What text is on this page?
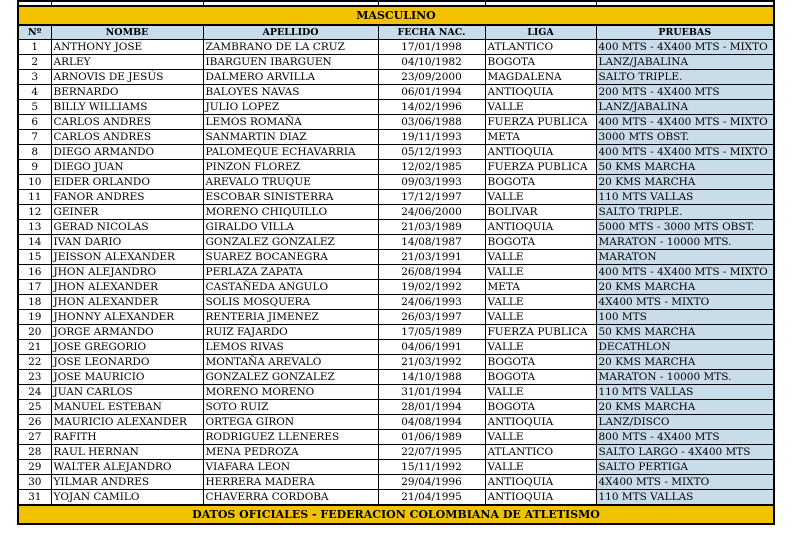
MASCULINO					
Nº	NOMBE	APELLIDO	FECHA NAC.	LIGA	PRUEBAS
1	ANTHONY JOSE	ZAMBRANO DE LA CRUZ	17/01/1998	ATLANTICO	400 MTS - 4X400 MTS - MIXTO
2	ARLEY	IBARGUEN IBARGUEN	04/10/1982	BOGOTA	LANZ/JABALINA
3	ARNOVIS DE JESÚS	DALMERO ARVILLA	23/09/2000	MAGDALENA	SALTO TRIPLE.
4	BERNARDO	BALOYES NAVAS	06/01/1994	ANTIOQUIA	200 MTS - 4X400 MTS
5	BILLY WILLIAMS	JULIO LOPEZ	14/02/1996	VALLE	LANZ/JABALINA
6	CARLOS ANDRES	LEMOS ROMAÑA	03/06/1988	FUERZA PUBLICA	400 MTS - 4X400 MTS - MIXTO
7	CARLOS ANDRES	SANMARTIN DIAZ	19/11/1993	META	3000 MTS OBST.
8	DIEGO ARMANDO	PALOMEQUE ECHAVARRIA	05/12/1993	ANTIOQUIA	400 MTS - 4X400 MTS - MIXTO
9	DIEGO JUAN	PINZON FLOREZ	12/02/1985	FUERZA PUBLICA	50 KMS MARCHA
10	EIDER ORLANDO	AREVALO TRUQUE	09/03/1993	BOGOTA	20 KMS MARCHA
11	FANOR ANDRES	ESCOBAR SINISTERRA	17/12/1997	VALLE	110 MTS VALLAS
12	GEINER	MORENO CHIQUILLO	24/06/2000	BOLIVAR	SALTO TRIPLE.
13	GERAD NICOLAS	GIRALDO VILLA	21/03/1989	ANTIOQUIA	5000 MTS - 3000 MTS OBST.
14	IVAN DARIO	GONZALEZ GONZALEZ	14/08/1987	BOGOTA	MARATON - 10000 MTS.
15	JEISSON ALEXANDER	SUAREZ BOCANEGRA	21/03/1991	VALLE	MARATON
16	JHON ALEJANDRO	PERLAZA ZAPATA	26/08/1994	VALLE	400 MTS - 4X400 MTS - MIXTO
17	JHON ALEXANDER	CASTAÑEDA ANGULO	19/02/1992	META	20 KMS MARCHA
18	JHON ALEXANDER	SOLIS MOSQUERA	24/06/1993	VALLE	4X400 MTS - MIXTO
19	JHONNY ALEXANDER	RENTERIA JIMENEZ	26/03/1997	VALLE	100 MTS
20	JORGE ARMANDO	RUIZ FAJARDO	17/05/1989	FUERZA PUBLICA	50 KMS MARCHA
21	JOSE GREGORIO	LEMOS RIVAS	04/06/1991	VALLE	DECATHLON
22	JOSE LEONARDO	MONTAÑA AREVALO	21/03/1992	BOGOTA	20 KMS MARCHA
23	JOSE MAURICIO	GONZALEZ GONZALEZ	14/10/1988	BOGOTA	MARATON - 10000 MTS.
24	JUAN CARLOS	MORENO MORENO	31/01/1994	VALLE	110 MTS VALLAS
25	MANUEL ESTEBAN	SOTO RUIZ	28/01/1994	BOGOTA	20 KMS MARCHA
26	MAURICIO ALEXANDER	ORTEGA GIRON	04/08/1994	ANTIOQUIA	LANZ/DISCO
27	RAFITH	RODRIGUEZ LLENERES	01/06/1989	VALLE	800 MTS - 4X400 MTS
28	RAUL HERNAN	MENA PEDROZA	22/07/1995	ATLANTICO	SALTO LARGO - 4X400 MTS
29	WALTER ALEJANDRO	VIAFARA LEON	15/11/1992	VALLE	SALTO PERTIGA
30	YILMAR ANDRES	HERRERA MADERA	29/04/1996	ANTIOQUIA	4X400 MTS - MIXTO
31	YOJAN CAMILO	CHAVERRA CORDOBA	21/04/1995	ANTIOQUIA	110 MTS VALLAS
DATOS OFICIALES - FEDERACION COLOMBIANA DE ATLETISMO					
